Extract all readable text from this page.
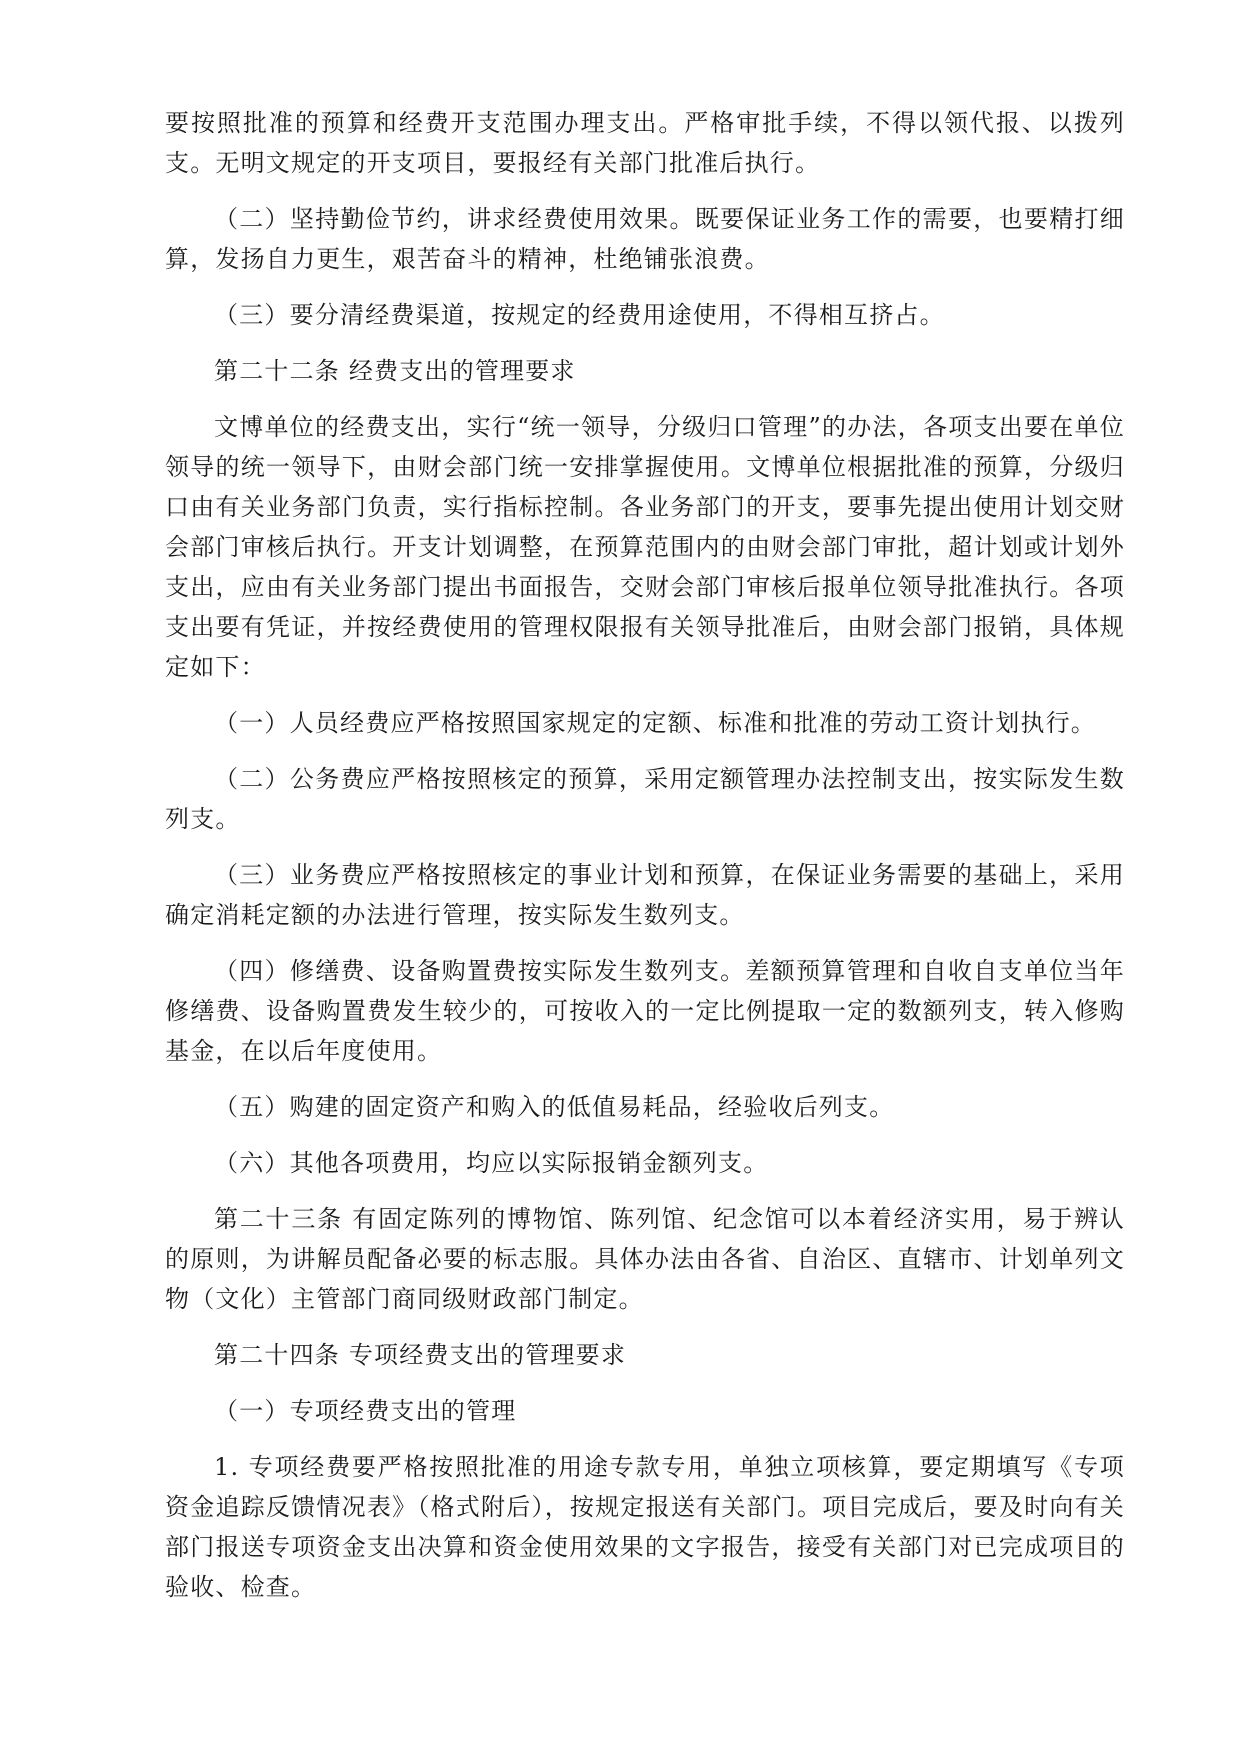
要按照批准的预算和经费开支范围办理支出。严格审批手续，不得以领代报、以拨列支。无明文规定的开支项目，要报经有关部门批准后执行。

（二）坚持勤俭节约，讲求经费使用效果。既要保证业务工作的需要，也要精打细算，发扬自力更生，艰苦奋斗的精神，杜绝铺张浪费。

（三）要分清经费渠道，按规定的经费用途使用，不得相互挤占。

第二十二条 经费支出的管理要求

文博单位的经费支出，实行“统一领导，分级归口管理”的办法，各项支出要在单位领导的统一领导下，由财会部门统一安排掌握使用。文博单位根据批准的预算，分级归口由有关业务部门负责，实行指标控制。各业务部门的开支，要事先提出使用计划交财会部门审核后执行。开支计划调整，在预算范围内的由财会部门审批，超计划或计划外支出，应由有关业务部门提出书面报告，交财会部门审核后报单位领导批准执行。各项支出要有凭证，并按经费使用的管理权限报有关领导批准后，由财会部门报销，具体规定如下：

（一）人员经费应严格按照国家规定的定额、标准和批准的劳动工资计划执行。

（二）公务费应严格按照核定的预算，采用定额管理办法控制支出，按实际发生数列支。

（三）业务费应严格按照核定的事业计划和预算，在保证业务需要的基础上，采用确定消耗定额的办法进行管理，按实际发生数列支。

（四）修缮费、设备购置费按实际发生数列支。差额预算管理和自收自支单位当年修缮费、设备购置费发生较少的，可按收入的一定比例提取一定的数额列支，转入修购基金，在以后年度使用。

（五）购建的固定资产和购入的低值易耗品，经验收后列支。

（六）其他各项费用，均应以实际报销金额列支。

第二十三条 有固定陈列的博物馆、陈列馆、纪念馆可以本着经济实用，易于辨认的原则，为讲解员配备必要的标志服。具体办法由各省、自治区、直辖市、计划单列文物（文化）主管部门商同级财政部门制定。

第二十四条 专项经费支出的管理要求

（一）专项经费支出的管理

1. 专项经费要严格按照批准的用途专款专用，单独立项核算，要定期填写《专项资金追踪反馈情况表》（格式附后），按规定报送有关部门。项目完成后，要及时向有关部门报送专项资金支出决算和资金使用效果的文字报告，接受有关部门对已完成项目的验收、检查。
